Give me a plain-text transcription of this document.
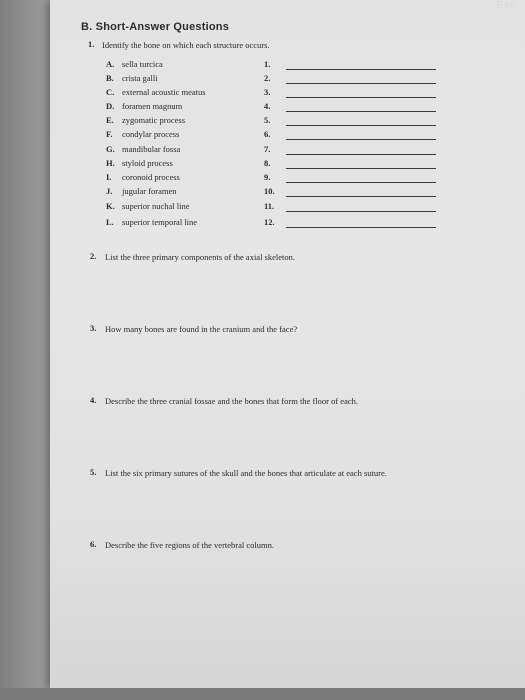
Exe
B. Short-Answer Questions
1. Identify the bone on which each structure occurs.
A. sella turcica	1.
B. crista galli	2.
C. external acoustic meatus	3.
D. foramen magnum	4.
E. zygomatic process	5.
F. condylar process	6.
G. mandibular fossa	7.
H. styloid process	8.
I. coronoid process	9.
J. jugular foramen	10.
K. superior nuchal line	11.
L. superior temporal line	12.
2. List the three primary components of the axial skeleton.
3. How many bones are found in the cranium and the face?
4. Describe the three cranial fossae and the bones that form the floor of each.
5. List the six primary sutures of the skull and the bones that articulate at each suture.
6. Describe the five regions of the vertebral column.
